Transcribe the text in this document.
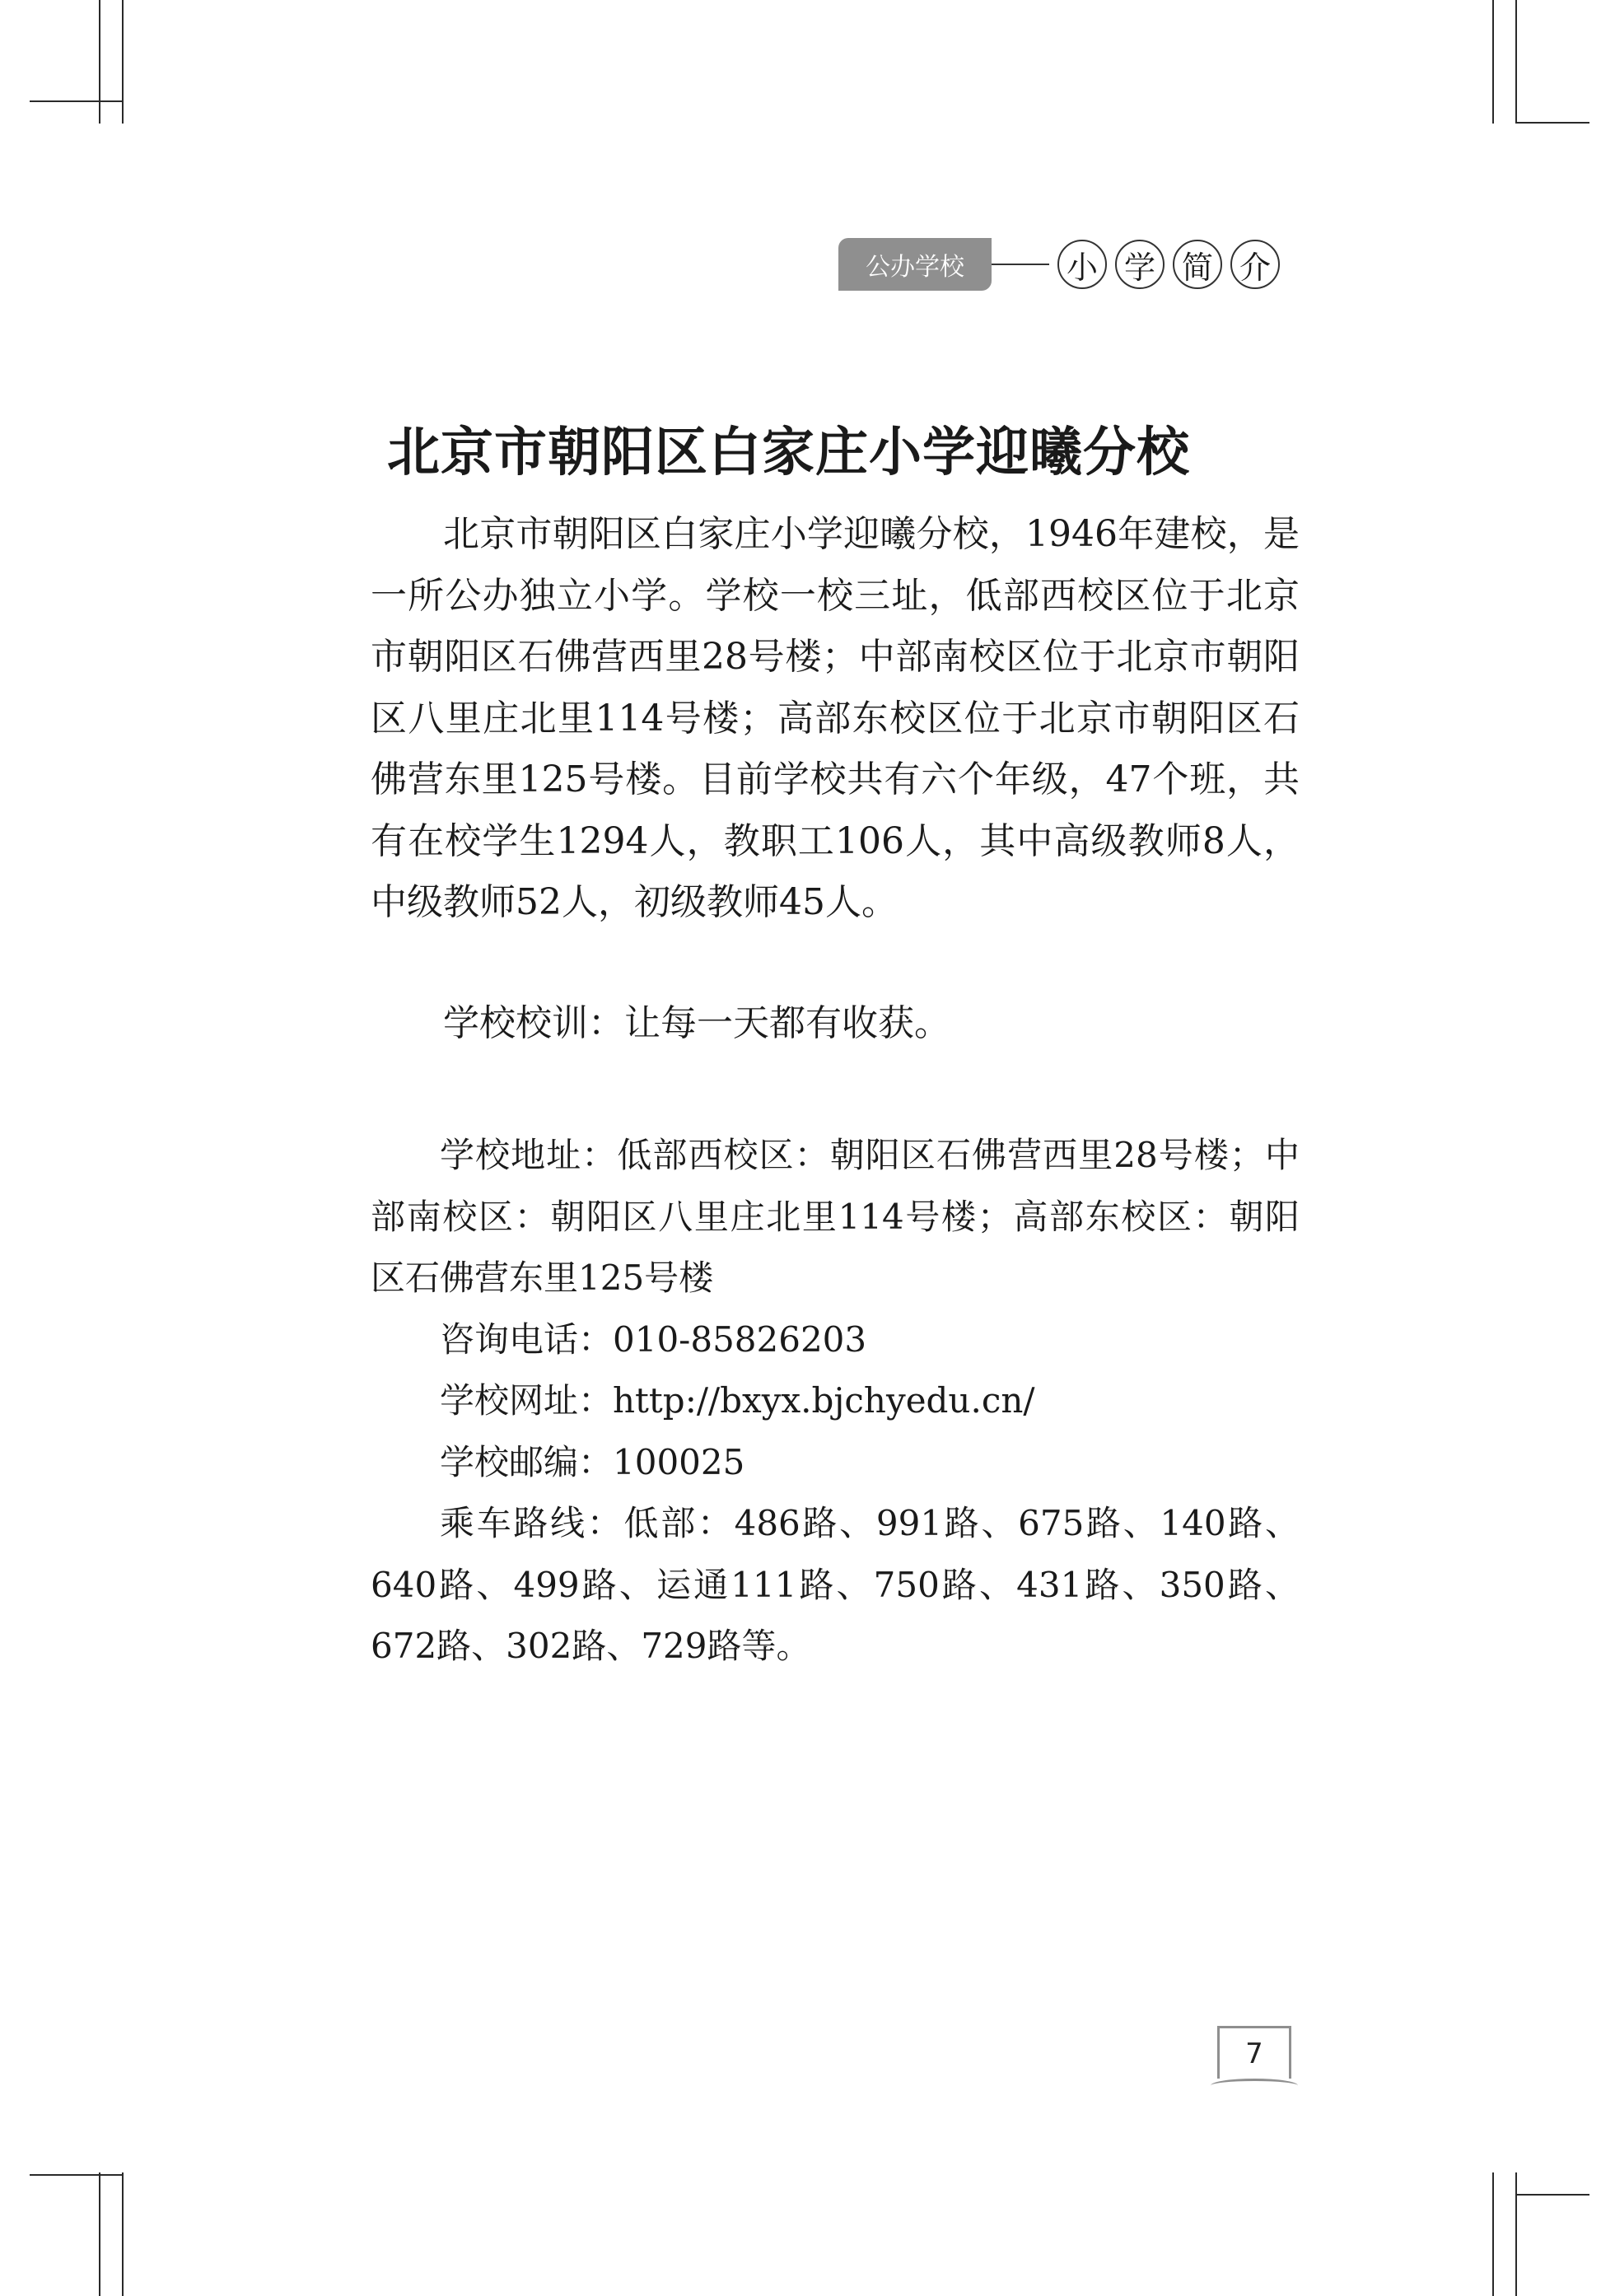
公办学校	小 学 简 介
北京市朝阳区白家庄小学迎曦分校

北京市朝阳区白家庄小学迎曦分校，1946年建校，是一所公办独立小学。学校一校三址，低部西校区位于北京市朝阳区石佛营西里28号楼；中部南校区位于北京市朝阳区八里庄北里114号楼；高部东校区位于北京市朝阳区石佛营东里125号楼。目前学校共有六个年级，47个班，共有在校学生1294人，教职工106人，其中高级教师8人，中级教师52人，初级教师45人。

学校校训：让每一天都有收获。

学校地址：低部西校区：朝阳区石佛营西里28号楼；中部南校区：朝阳区八里庄北里114号楼；高部东校区：朝阳区石佛营东里125号楼

咨询电话：010-85826203

学校网址：http://bxyx.bjchyedu.cn/

学校邮编：100025

乘车路线：低部：486路、991路、675路、140路、640路、499路、运通111路、750路、431路、350路、672路、302路、729路等。

7
